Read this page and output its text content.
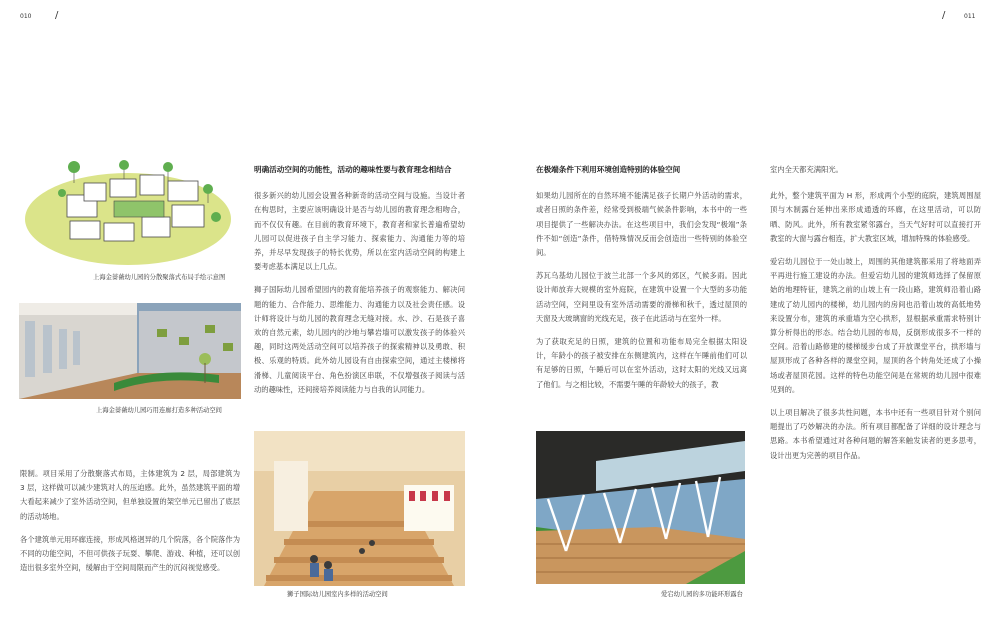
010 /	/	011
上海金蔷薇幼儿园的分散聚落式布局手绘示意图
上海金蔷薇幼儿园巧用连廊打造多种活动空间
狮子国际幼儿园室内多样的活动空间	爱宕幼儿园的多功能环形露台

限制。项目采用了分散聚落式布局，主体建筑为 2 层，局部建筑为 3 层，这样做可以减少建筑对人的压迫感。此外，虽然建筑平面的增大看起来减少了室外活动空间，但单独设置的架空单元已留出了底层的活动场地。

各个建筑单元用环廊连接，形成风格迥异的几个院落，各个院落作为不同的功能空间，不但可供孩子玩耍、攀爬、游戏、种植，还可以创造出很多室外空间，缓解由于空间局限而产生的沉闷视觉感受。

明确活动空间的功能性，活动的趣味性要与教育理念相结合

很多新兴的幼儿园会设置各种新奇的活动空间与设施。当设计者在构思时，主要应该明确设计是否与幼儿园的教育理念相吻合，而不仅仅有趣。在目前的教育环境下，教育者和家长普遍希望幼儿园可以促进孩子自主学习能力、探索能力、沟通能力等的培养，并尽早发现孩子的特长优势，所以在室内活动空间的构建上要考虑基本满足以上几点。

狮子国际幼儿园希望园内的教育能培养孩子的观察能力、解决问题的能力、合作能力、思维能力、沟通能力以及社会责任感。设计师将设计与幼儿园的教育理念无缝对接。水、沙、石是孩子喜欢的自然元素，幼儿园内的沙地与攀岩墙可以激发孩子的体验兴趣，同时这两处活动空间可以培养孩子的探索精神以及勇敢、积极、乐观的特质。此外幼儿园设有自由探索空间，通过主楼梯将滑梯、儿童阅读平台、角色扮演区串联，不仅增强孩子阅读与活动的趣味性，还间接培养阅读能力与自我的认同能力。

在极端条件下利用环境创造特别的体验空间

如果幼儿园所在的自然环境不能满足孩子长期户外活动的需求，或者日照的条件差，经常受到极端气候条件影响，本书中的一些项目提供了一些解决办法。在这些项目中，我们会发现“极端”条件不如“创造”条件，借特殊情况反而会创造出一些特别的体验空间。

苏瓦乌基幼儿园位于波兰北部一个多风的郊区，气候多雨。因此设计师放弃大规模的室外庭院，在建筑中设置一个大型的多功能活动空间，空间里设有室外活动需要的滑梯和秋千，透过屋顶的天窗及大玻璃窗的光线充足，孩子在此活动与在室外一样。

为了获取充足的日照，建筑的位置和功能布局完全根据太阳设计，年龄小的孩子被安排在东侧建筑内，这样在午睡前他们可以有足够的日照，午睡后可以在室外活动，这时太阳的光线又远离了他们。与之相比较，不需要午睡的年龄较大的孩子，教

室内全天都充满阳光。

此外，整个建筑平面为 H 形，形成两个小型的庭院，建筑周围屋顶与木制露台延伸出来形成通透的环廊，在这里活动，可以防晒、防风。此外，所有教室紧邻露台，当天气好时可以直接打开教室的大窗与露台相连，扩大教室区域，增加特殊的体验感受。

爱宕幼儿园位于一处山坡上，周围的其他建筑都采用了将地面弄平再进行施工建设的办法。但爱宕幼儿园的建筑师选择了保留原始的地理特征，建筑之前的山坡上有一段山路，建筑师沿着山路建成了幼儿园内的楼梯，幼儿园内的房间也沿着山坡的高低地势来设置分布，建筑的承重墙为空心拱形，显根据承重需求特别计算分析得出的形态。结合幼儿园的布局，反倒形成很多不一样的空间。沿着山路修建的楼梯缓步台成了开放课堂平台，拱形墙与屋顶形成了各种各样的课堂空间，屋顶的各个转角处还成了小操场或者屋顶花园。这样的特色功能空间是在常规的幼儿园中很难见到的。

以上项目解决了很多共性问题，本书中还有一些项目针对个别问题提出了巧妙解决的办法。所有项目都配备了详细的设计理念与思路。本书希望通过对各种问题的解答来触发读者的更多思考，设计出更为完善的项目作品。
